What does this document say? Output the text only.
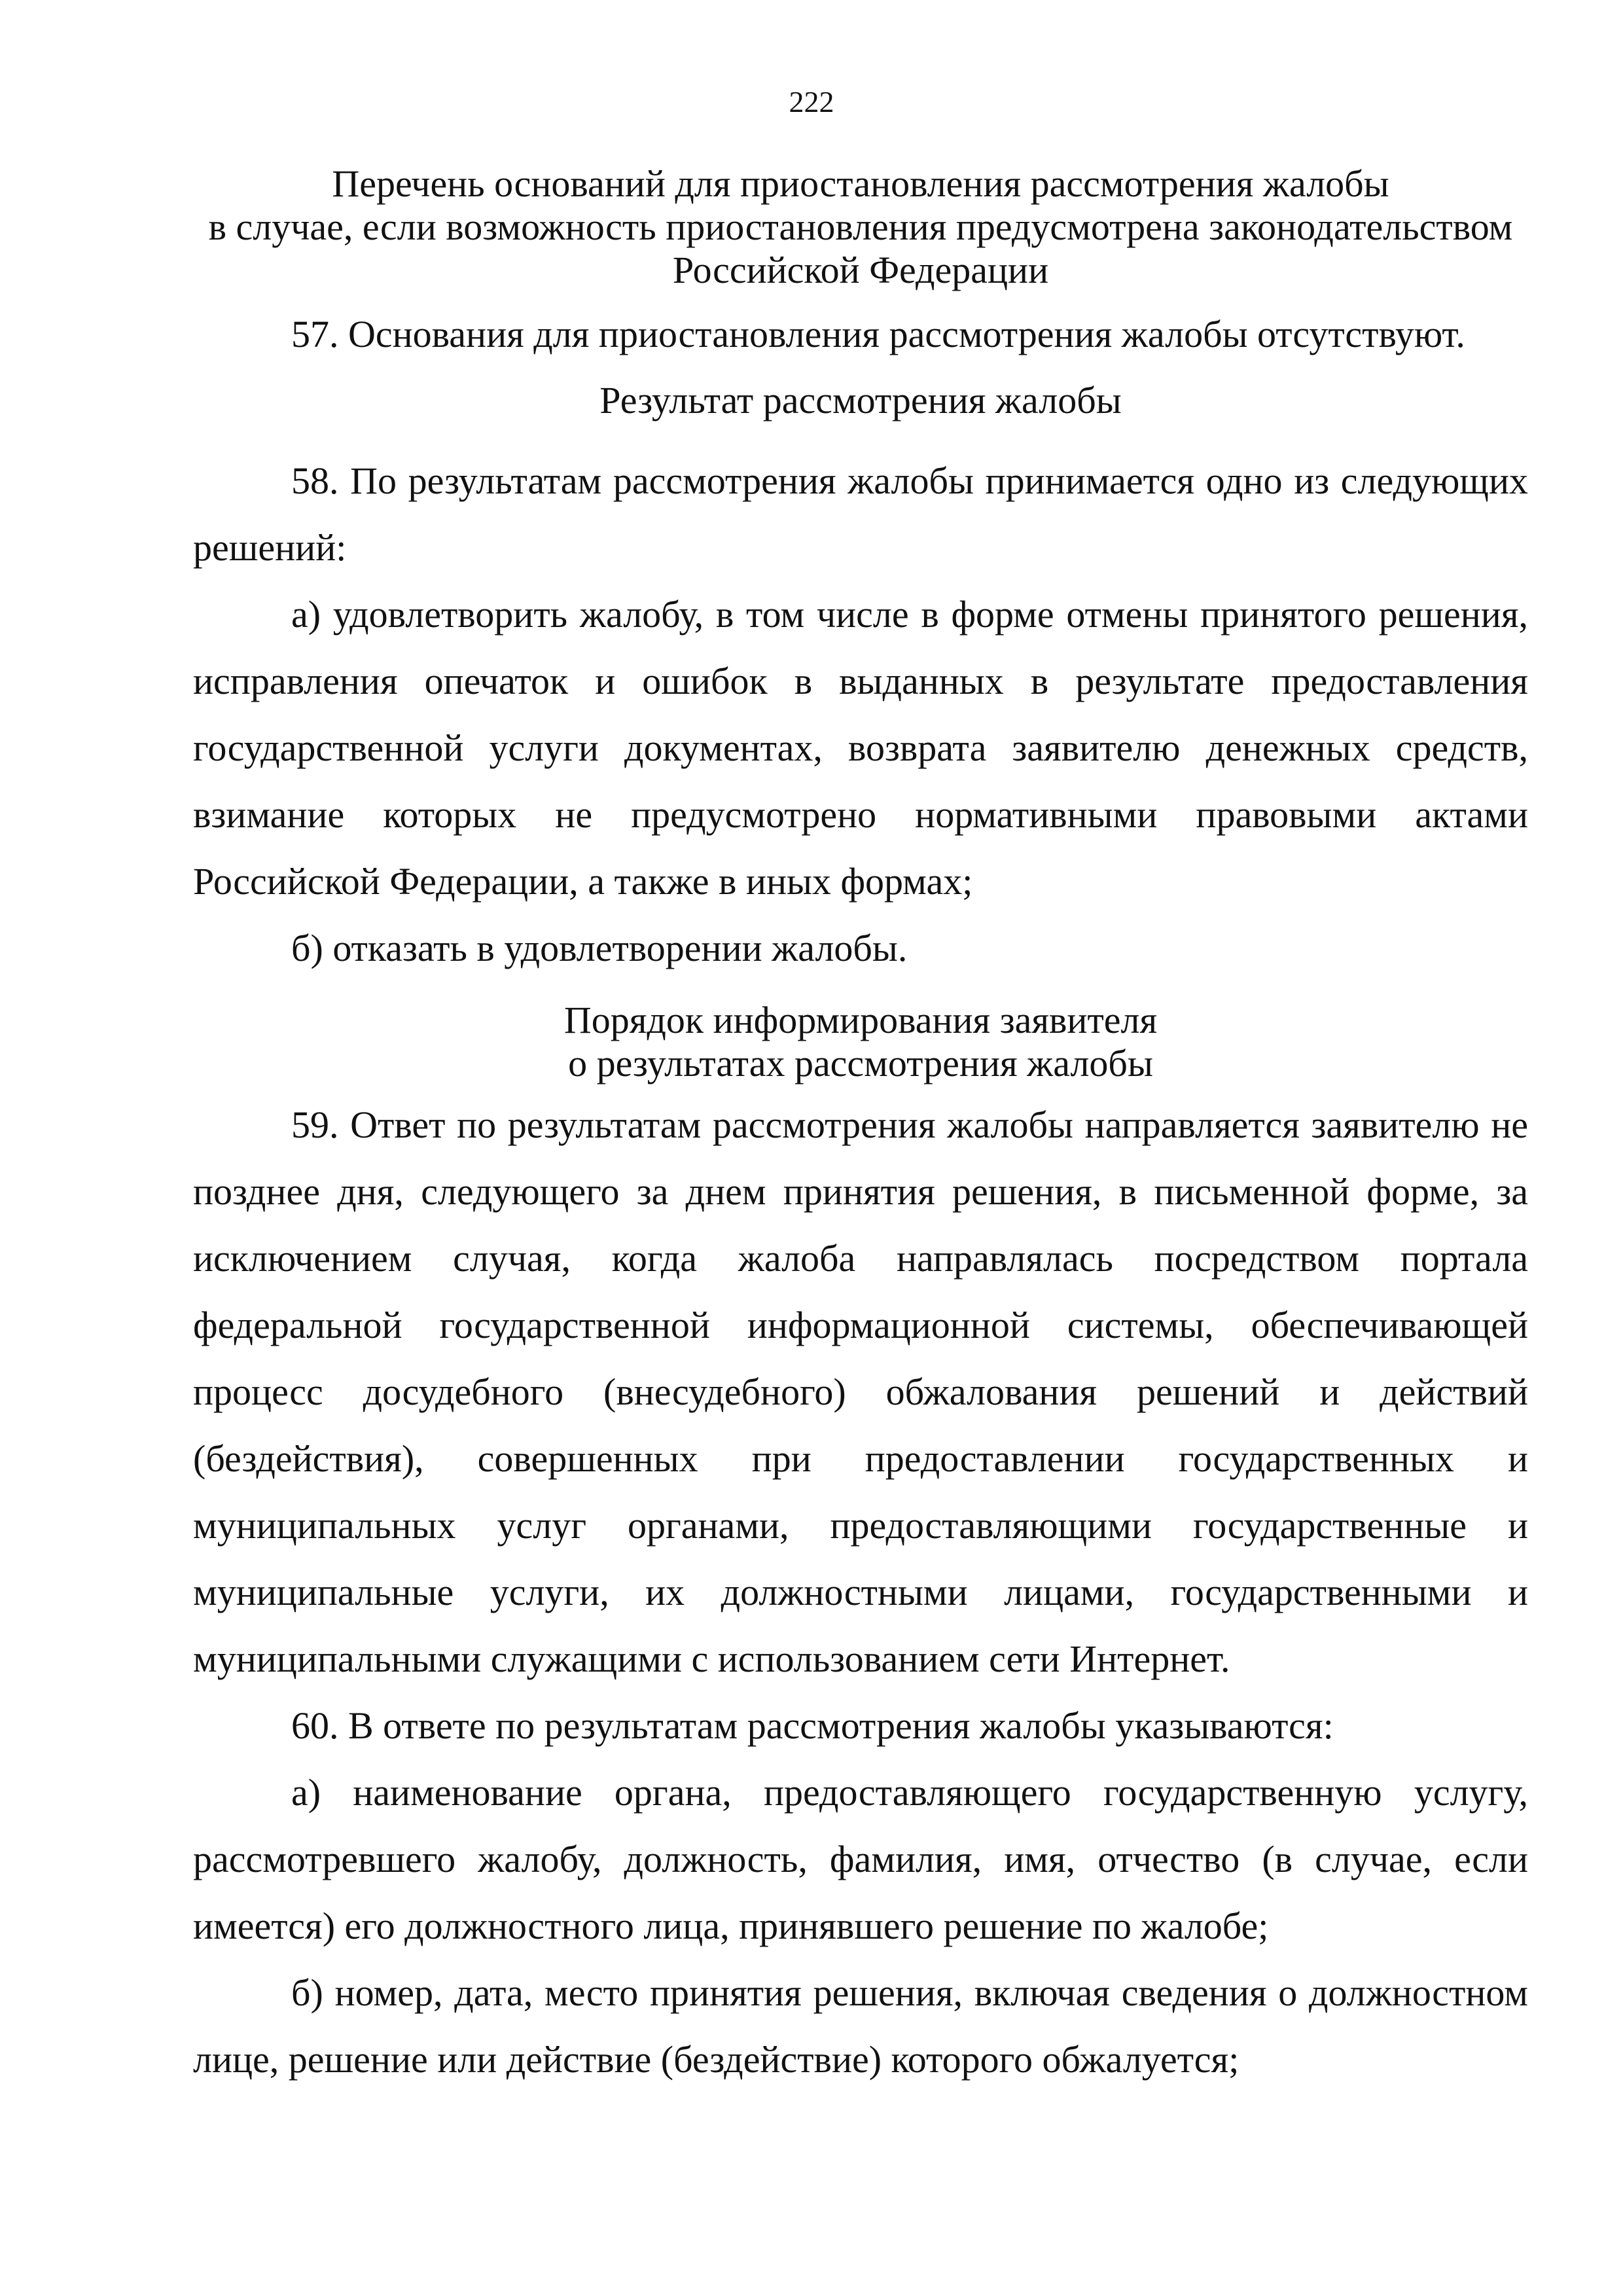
222

Перечень оснований для приостановления рассмотрения жалобы
в случае, если возможность приостановления предусмотрена законодательством
Российской Федерации

57. Основания для приостановления рассмотрения жалобы отсутствуют.

Результат рассмотрения жалобы

58. По результатам рассмотрения жалобы принимается одно из следующих решений:

а) удовлетворить жалобу, в том числе в форме отмены принятого решения, исправления опечаток и ошибок в выданных в результате предоставления государственной услуги документах, возврата заявителю денежных средств, взимание которых не предусмотрено нормативными правовыми актами Российской Федерации, а также в иных формах;

б) отказать в удовлетворении жалобы.

Порядок информирования заявителя
о результатах рассмотрения жалобы

59. Ответ по результатам рассмотрения жалобы направляется заявителю не позднее дня, следующего за днем принятия решения, в письменной форме, за исключением случая, когда жалоба направлялась посредством портала федеральной государственной информационной системы, обеспечивающей процесс досудебного (внесудебного) обжалования решений и действий (бездействия), совершенных при предоставлении государственных и муниципальных услуг органами, предоставляющими государственные и муниципальные услуги, их должностными лицами, государственными и муниципальными служащими с использованием сети Интернет.

60. В ответе по результатам рассмотрения жалобы указываются:

а) наименование органа, предоставляющего государственную услугу, рассмотревшего жалобу, должность, фамилия, имя, отчество (в случае, если имеется) его должностного лица, принявшего решение по жалобе;

б) номер, дата, место принятия решения, включая сведения о должностном лице, решение или действие (бездействие) которого обжалуется;
